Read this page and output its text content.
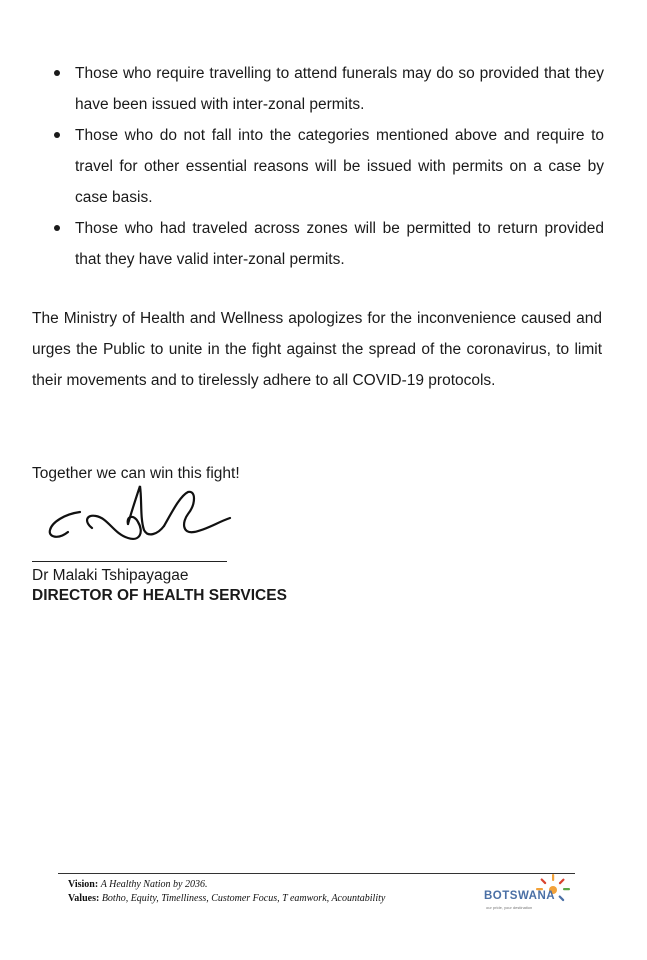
Those who require travelling to attend funerals may do so provided that they have been issued with inter-zonal permits.
Those who do not fall into the categories mentioned above and require to travel for other essential reasons will be issued with permits on a case by case basis.
Those who had traveled across zones will be permitted to return provided that they have valid inter-zonal permits.

The Ministry of Health and Wellness apologizes for the inconvenience caused and urges the Public to unite in the fight against the spread of the coronavirus, to limit their movements and to tirelessly adhere to all COVID-19 protocols.

Together we can win this fight!

Dr Malaki Tshipayagae

DIRECTOR OF HEALTH SERVICES

Vision: A Healthy Nation by 2036.
Values: Botho, Equity, Timelliness, Customer Focus, T eamwork, Acountability	BOTSWANA
our pride, your destination
